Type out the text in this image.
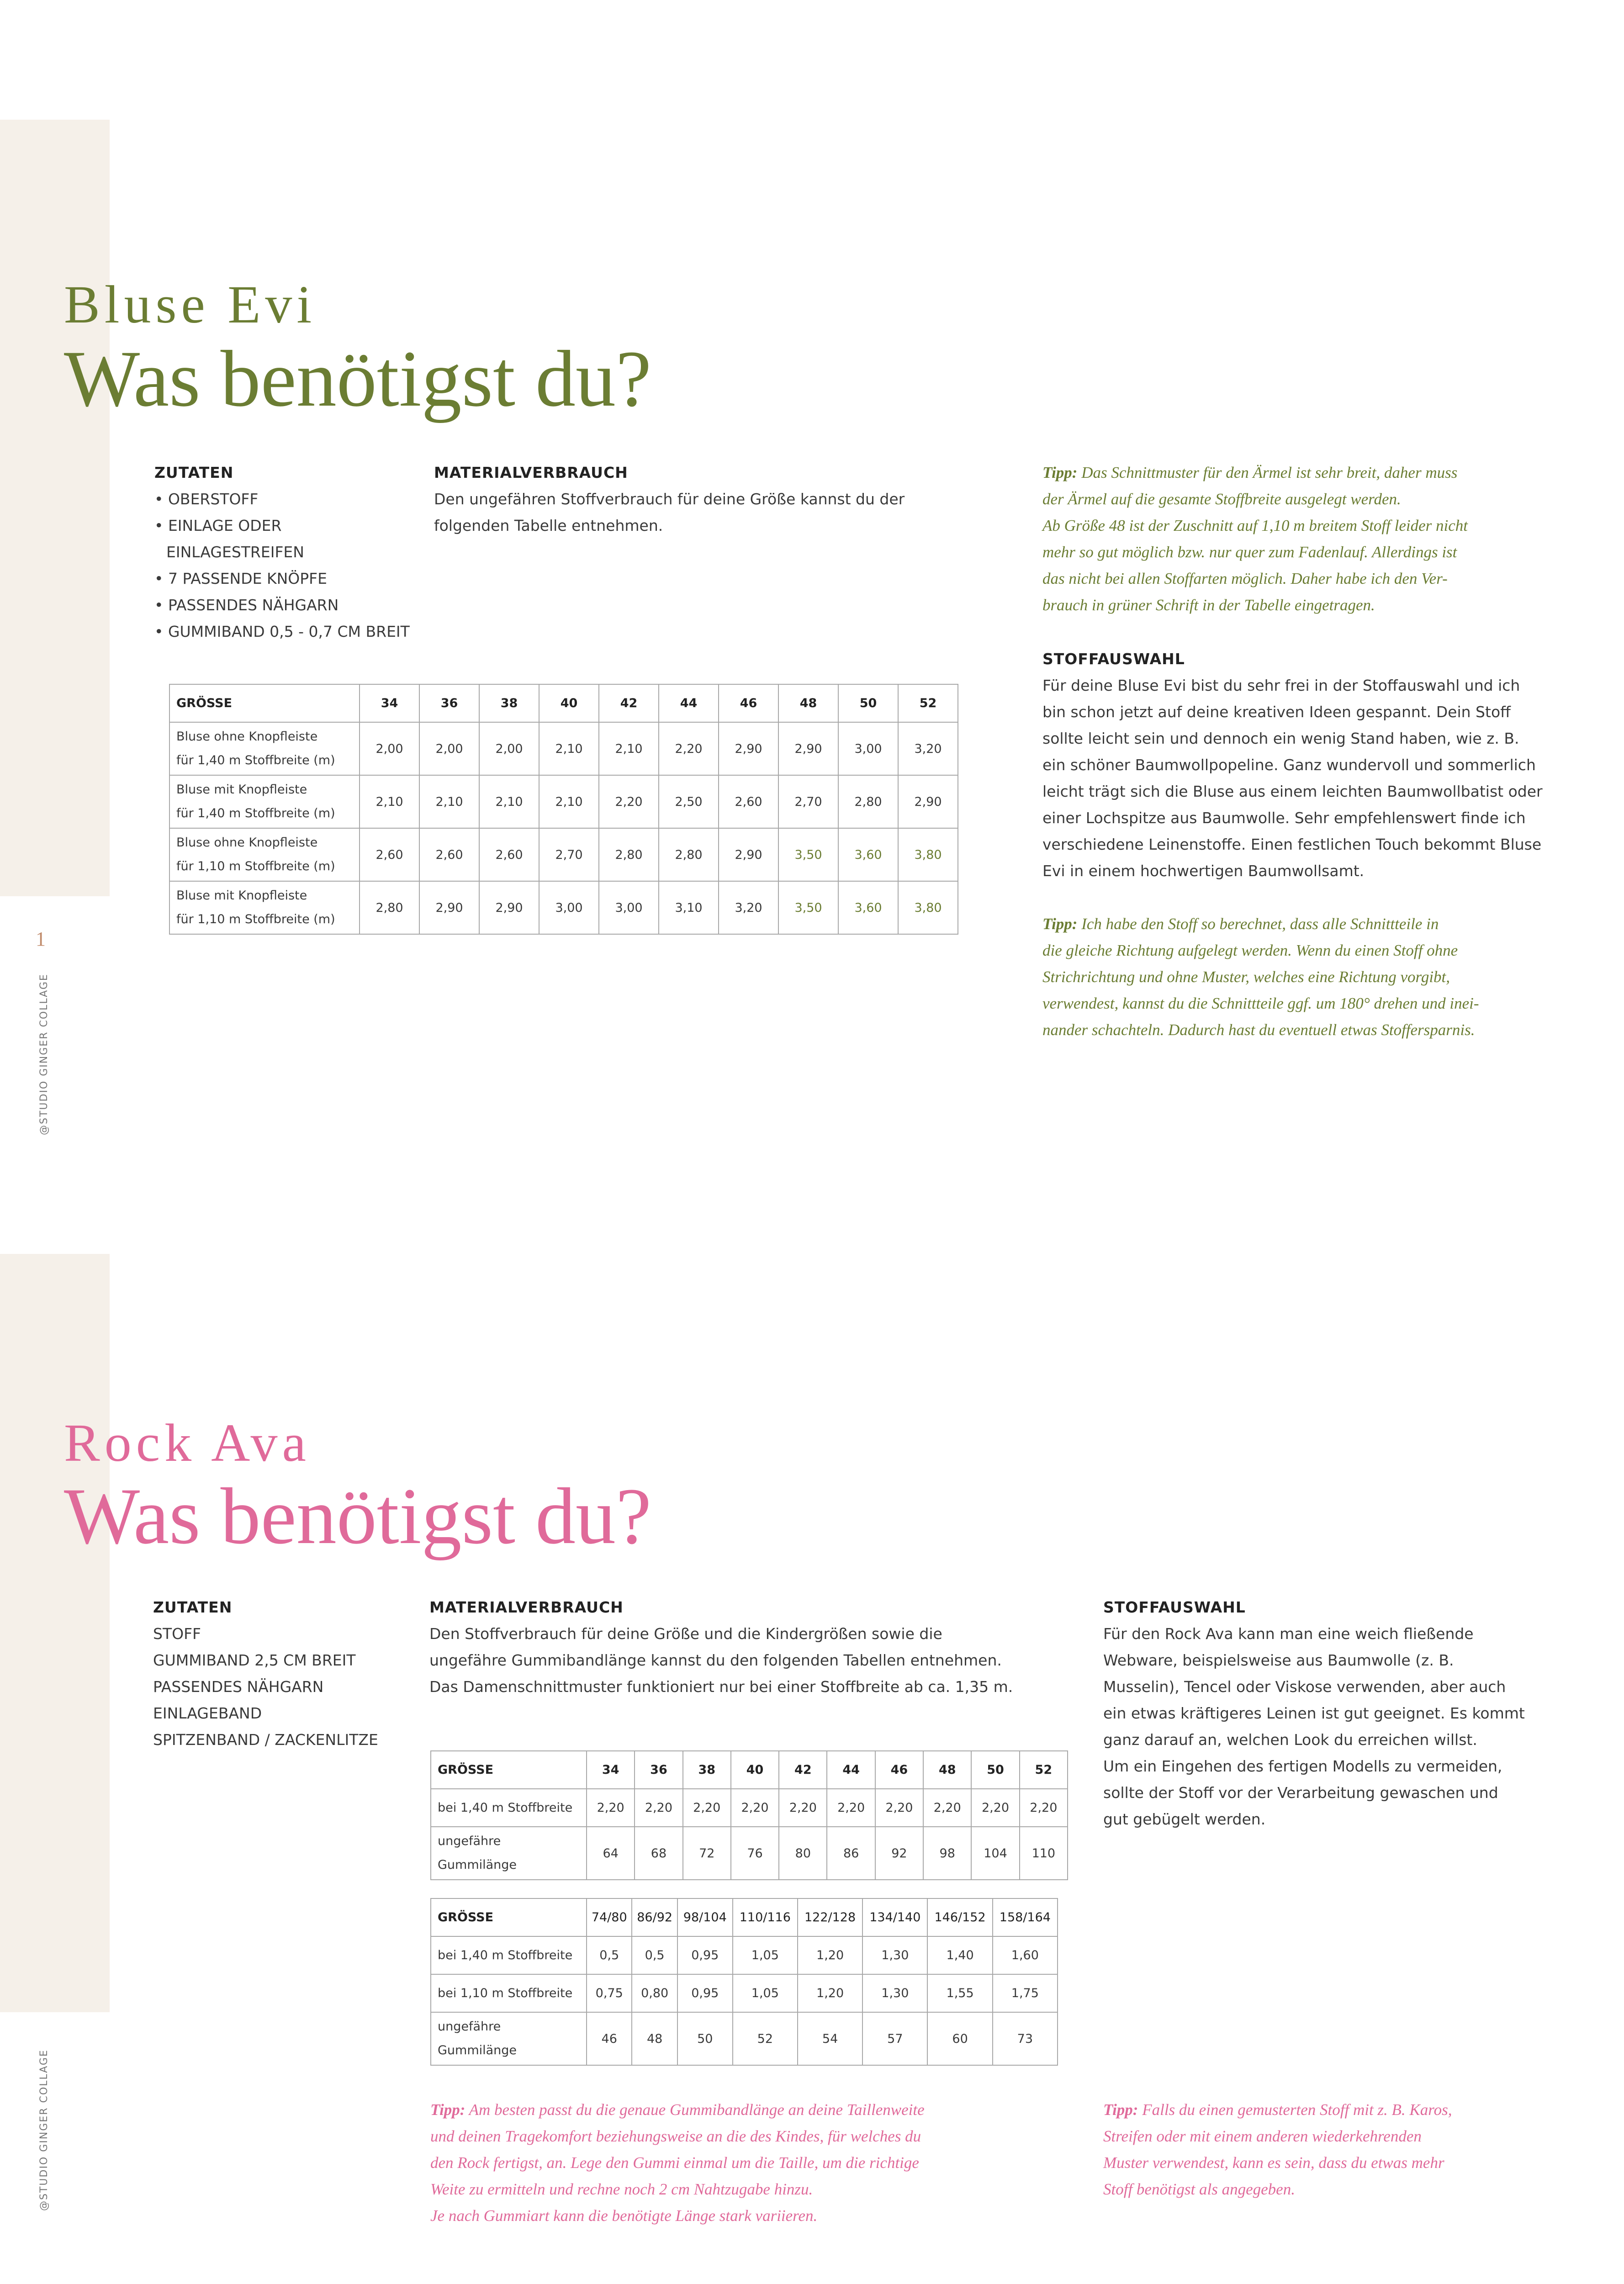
1
@STUDIO GINGER COLLAGE
@STUDIO GINGER COLLAGE
Bluse Evi
Was benötigst du?
ZUTATEN
• OBERSTOFF
• EINLAGE ODER
EINLAGESTREIFEN
• 7 PASSENDE KNÖPFE
• PASSENDES NÄHGARN
• GUMMIBAND 0,5 - 0,7 CM BREIT
MATERIALVERBRAUCH
Den ungefähren Stoffverbrauch für deine Größe kannst du der
folgenden Tabelle entnehmen.
Tipp: Das Schnittmuster für den Ärmel ist sehr breit, daher muss
der Ärmel auf die gesamte Stoffbreite ausgelegt werden.
Ab Größe 48 ist der Zuschnitt auf 1,10 m breitem Stoff leider nicht
mehr so gut möglich bzw. nur quer zum Fadenlauf. Allerdings ist
das nicht bei allen Stoffarten möglich. Daher habe ich den Ver-
brauch in grüner Schrift in der Tabelle eingetragen.
STOFFAUSWAHL
Für deine Bluse Evi bist du sehr frei in der Stoffauswahl und ich
bin schon jetzt auf deine kreativen Ideen gespannt. Dein Stoff
sollte leicht sein und dennoch ein wenig Stand haben, wie z. B.
ein schöner Baumwollpopeline. Ganz wundervoll und sommerlich
leicht trägt sich die Bluse aus einem leichten Baumwollbatist oder
einer Lochspitze aus Baumwolle. Sehr empfehlenswert finde ich
verschiedene Leinenstoffe. Einen festlichen Touch bekommt Bluse
Evi in einem hochwertigen Baumwollsamt.
Tipp: Ich habe den Stoff so berechnet, dass alle Schnittteile in
die gleiche Richtung aufgelegt werden. Wenn du einen Stoff ohne
Strichrichtung und ohne Muster, welches eine Richtung vorgibt,
verwendest, kannst du die Schnittteile ggf. um 180° drehen und inei-
nander schachteln. Dadurch hast du eventuell etwas Stoffersparnis.
GRÖSSE	34	36	38	40	42	44	46	48	50	52

Bluse ohne Knopfleiste
für 1,40 m Stoffbreite (m)	2,00	2,00	2,00	2,10	2,10	2,20	2,90	2,90	3,00	3,20

Bluse mit Knopfleiste
für 1,40 m Stoffbreite (m)	2,10	2,10	2,10	2,10	2,20	2,50	2,60	2,70	2,80	2,90

Bluse ohne Knopfleiste
für 1,10 m Stoffbreite (m)	2,60	2,60	2,60	2,70	2,80	2,80	2,90	3,50	3,60	3,80

Bluse mit Knopfleiste
für 1,10 m Stoffbreite (m)	2,80	2,90	2,90	3,00	3,00	3,10	3,20	3,50	3,60	3,80
Rock Ava
Was benötigst du?
ZUTATEN
STOFF
GUMMIBAND 2,5 CM BREIT
PASSENDES NÄHGARN
EINLAGEBAND
SPITZENBAND / ZACKENLITZE
MATERIALVERBRAUCH
Den Stoffverbrauch für deine Größe und die Kindergrößen sowie die
ungefähre Gummibandlänge kannst du den folgenden Tabellen entnehmen.
Das Damenschnittmuster funktioniert nur bei einer Stoffbreite ab ca. 1,35 m.
STOFFAUSWAHL
Für den Rock Ava kann man eine weich fließende
Webware, beispielsweise aus Baumwolle (z. B.
Musselin), Tencel oder Viskose verwenden, aber auch
ein etwas kräftigeres Leinen ist gut geeignet. Es kommt
ganz darauf an, welchen Look du erreichen willst.
Um ein Eingehen des fertigen Modells zu vermeiden,
sollte der Stoff vor der Verarbeitung gewaschen und
gut gebügelt werden.
GRÖSSE	34	36	38	40	42	44	46	48	50	52
bei 1,40 m Stoffbreite	2,20	2,20	2,20	2,20	2,20	2,20	2,20	2,20	2,20	2,20

ungefähre
Gummilänge	64	68	72	76	80	86	92	98	104	110
GRÖSSE	74/80	86/92	98/104	110/116	122/128	134/140	146/152	158/164
bei 1,40 m Stoffbreite	0,5	0,5	0,95	1,05	1,20	1,30	1,40	1,60
bei 1,10 m Stoffbreite	0,75	0,80	0,95	1,05	1,20	1,30	1,55	1,75

ungefähre
Gummilänge	46	48	50	52	54	57	60	73
Tipp: Am besten passt du die genaue Gummibandlänge an deine Taillenweite
und deinen Tragekomfort beziehungsweise an die des Kindes, für welches du
den Rock fertigst, an. Lege den Gummi einmal um die Taille, um die richtige
Weite zu ermitteln und rechne noch 2 cm Nahtzugabe hinzu.
Je nach Gummiart kann die benötigte Länge stark variieren.
Tipp: Falls du einen gemusterten Stoff mit z. B. Karos,
Streifen oder mit einem anderen wiederkehrenden
Muster verwendest, kann es sein, dass du etwas mehr
Stoff benötigst als angegeben.
